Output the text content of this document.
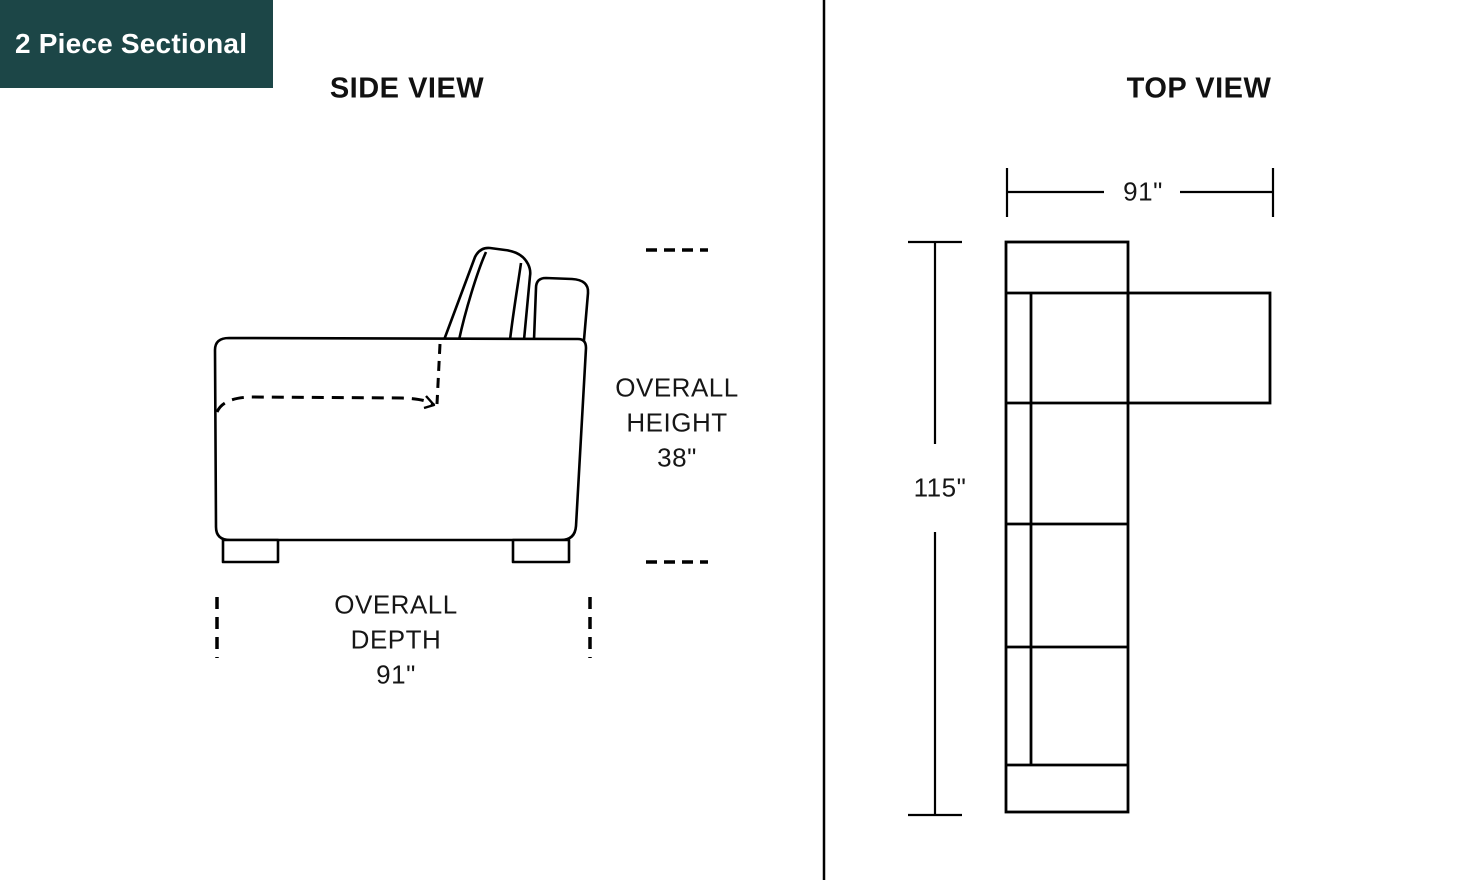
2 Piece Sectional
SIDE VIEW	TOP VIEW
OVERALL
HEIGHT
38"
OVERALL
DEPTH
91"
91"
115"
